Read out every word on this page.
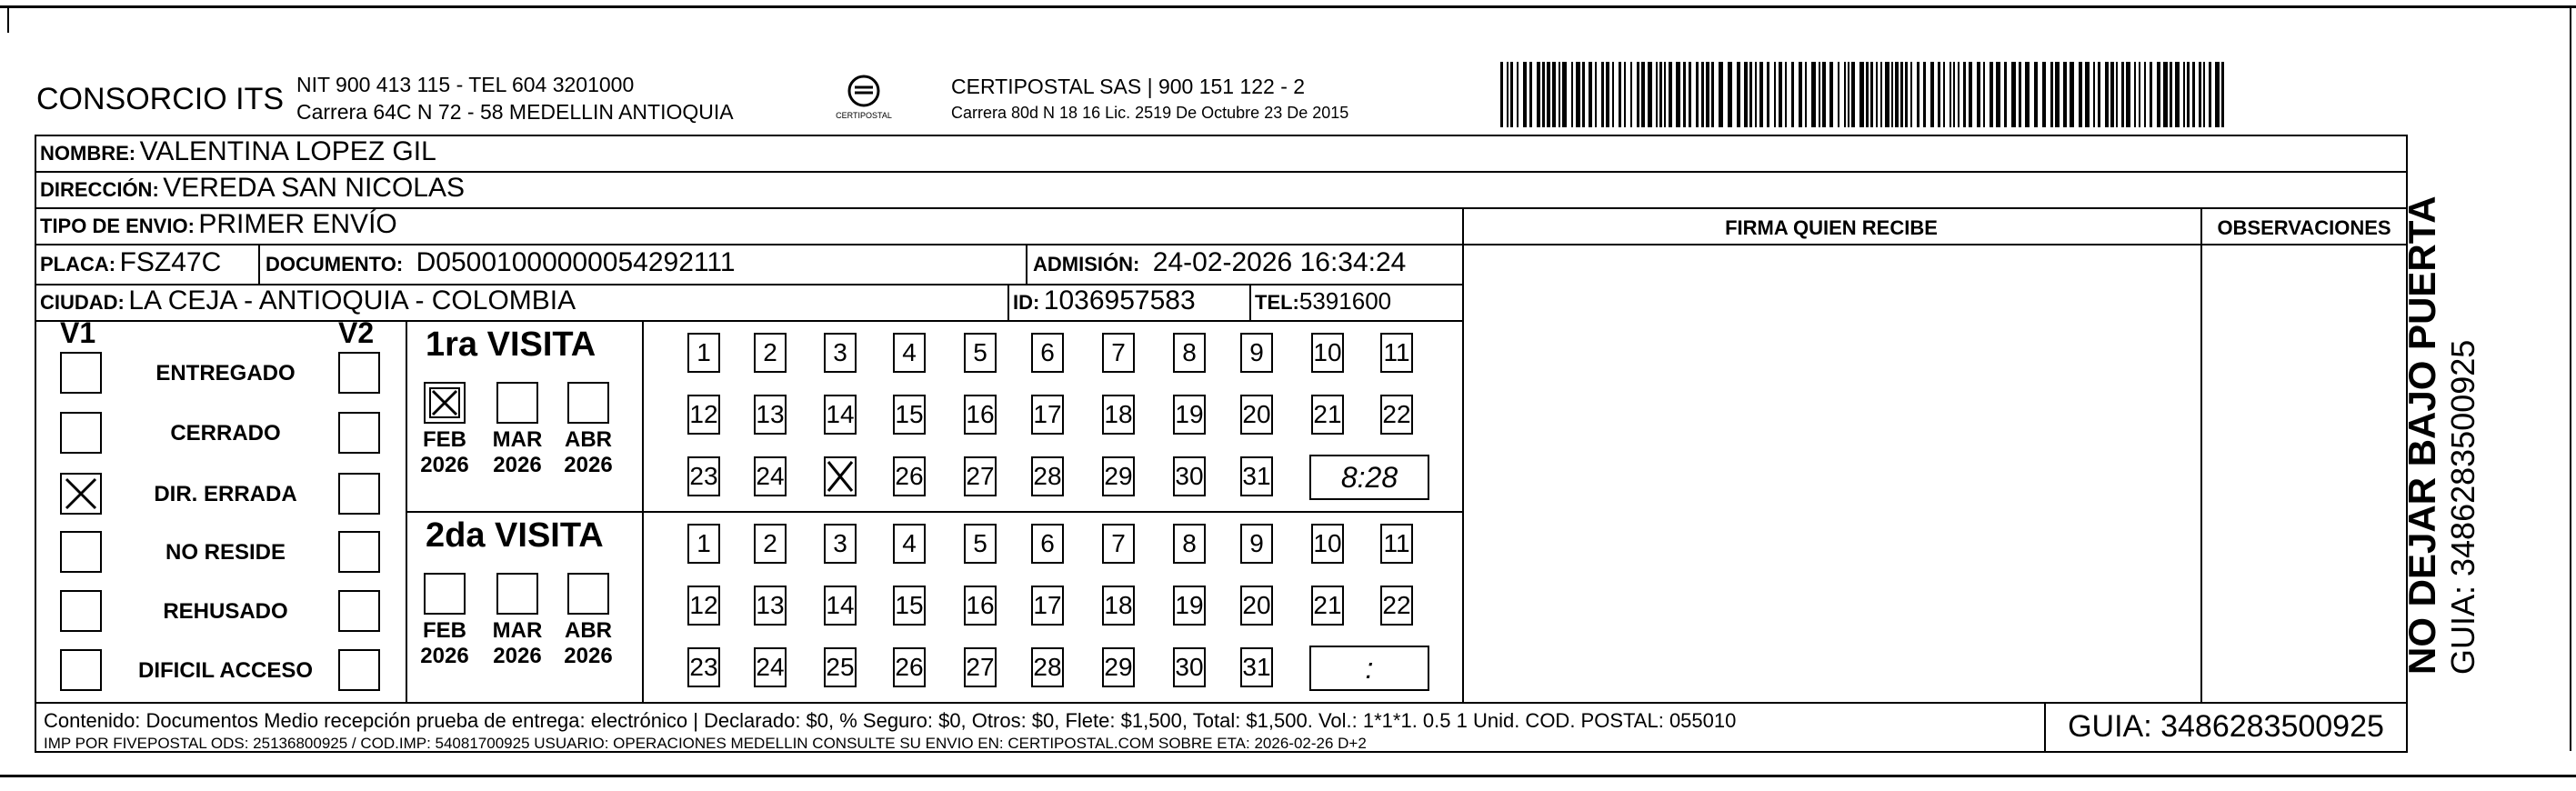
CONSORCIO ITS NIT 900 413 115 - TEL 604 3201000
Carrera 64C N 72 - 58 MEDELLIN ANTIOQUIA	CERTIPOSTAL
CERTIPOSTAL SAS | 900 151 122 - 2
Carrera 80d N 18 16 Lic. 2519 De Octubre 23 De 2015
NOMBRE: VALENTINA LOPEZ GIL
DIRECCIÓN: VEREDA SAN NICOLAS
TIPO DE ENVIO: PRIMER ENVÍO	FIRMA QUIEN RECIBE	OBSERVACIONES
PLACA: FSZ47C DOCUMENTO: D05001000000054292111	ADMISIÓN: 24-02-2026 16:34:24
CIUDAD: LA CEJA - ANTIOQUIA - COLOMBIA	ID: 1036957583	TEL:5391600
V1	V2
ENTREGADO
CERRADO
DIR. ERRADA
NO RESIDE
REHUSADO
DIFICIL ACCESO
1ra VISITA
2da VISITA
FEB
2026
MAR
2026
ABR
2026
1	2	3	4	5	6	7	8	9	10 11
12 13 14 15 16 17 18 19 20 21 22
23 24	26 27 28 29 30 31	8:28
FEB
2026
MAR
2026
ABR
2026
1	2	3	4	5	6	7	8	9	10 11
12 13 14 15 16 17 18 19 20 21 22
23 24 25 26 27 28 29 30 31	:
Contenido: Documentos Medio recepción prueba de entrega: electrónico | Declarado: $0, % Seguro: $0, Otros: $0, Flete: $1,500, Total: $1,500. Vol.: 1*1*1. 0.5 1 Unid. COD. POSTAL: 055010
IMP POR FIVEPOSTAL ODS: 25136800925 / COD.IMP: 54081700925 USUARIO: OPERACIONES MEDELLIN CONSULTE SU ENVIO EN: CERTIPOSTAL.COM SOBRE ETA: 2026-02-26 D+2	GUIA: 3486283500925
NO DEJAR BAJO PUERTA GUIA: 3486283500925
